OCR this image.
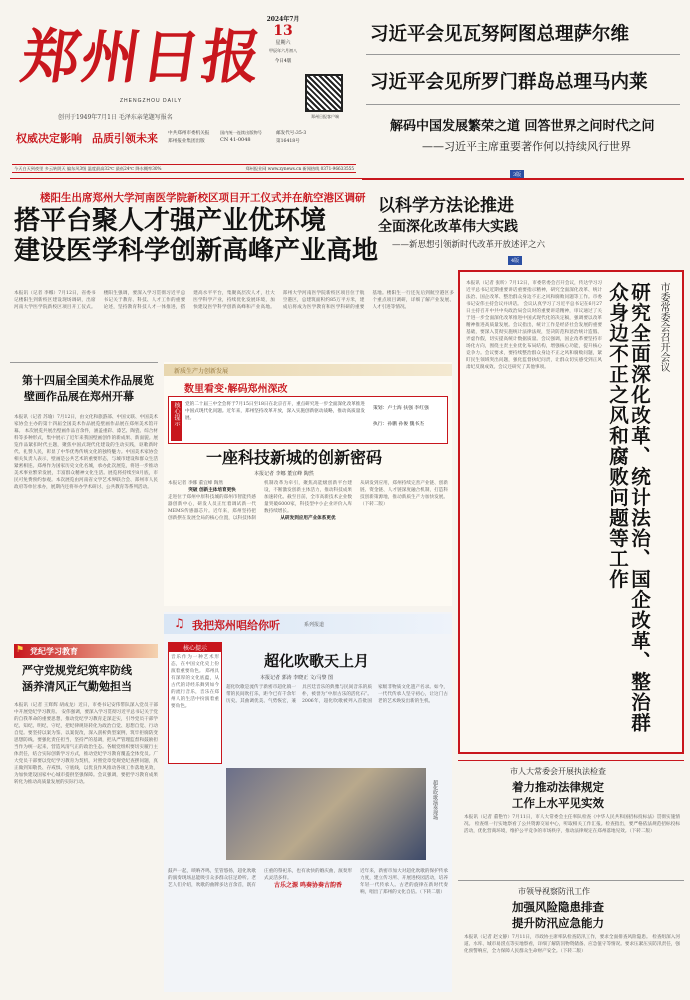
郑州日报
ZHENGZHOU DAILY
创刊于1949年7月1日 毛泽东亲笔题写报名
权威决定影响 品质引领未来 中共郑州市委机关报
郑州报业集团出版
国内统一连续出版物号
CN 41-0048
邮发代号:35-3
第16418号
2024年7月
13
星期六
甲辰年六月初八
今日4版
郑州日报客户端
今天白天到夜里 多云转阴天 偏东风3级 温度最高32℃ 最低24℃ 降水概率30%	郑州报业网 www.zynews.cn 新闻热线 0371-96633555
习近平会见瓦努阿图总理萨尔维
习近平会见所罗门群岛总理马内莱
解码中国发展繁荣之道 回答世界之问时代之问
——习近平主席重要著作何以持续风行世界
3版
楼阳生出席郑州大学河南医学院新校区项目开工仪式并在航空港区调研
搭平台聚人才强产业优环境
建设医学科学创新高峰产业高地
本报讯（记者 李娜）7月12日，省委书记楼阳生到新校区建设现场调研，出席河南大学医学院新校区项目开工仪式。 楼阳生强调，要深入学习贯彻习近平总书记关于教育、科技、人才工作的重要论述，坚持教育科技人才一体推进，搭建高水平平台，集聚高层次人才，壮大医学科学产业，持续优化发展环境，加快建设医学科学创新高峰和产业高地。郑州大学河南医学院新校区项目位于航空港区，总建筑面积约85万平方米，建成后将成为医学教育和医学科研的重要基地。楼阳生一行还先后到航空港区多个重点项目调研，详细了解产业发展、人才引进等情况。
以科学方法论推进
全面深化改革伟大实践
——新思想引领新时代改革开放述评之六
4版
本报讯（记者 张昕）7月12日，市委常委会召开会议，传达学习习近平总书记近期重要讲话重要指示精神，研究全面深化改革、统计法治、国企改革、整治群众身边不正之风和腐败问题等工作。市委书记安伟主持会议并讲话。 会议认真学习了习近平总书记在6月27日主持召开中共中央政治局会议时的重要讲话精神，审议通过了关于进一步全面深化改革推进中国式现代化的决定稿，强调要以改革精神推进高质量发展。会议指出，统计工作是经济社会发展的重要基础，要深入贯彻实施统计法律法规，坚决防范和惩治统计造假、弄虚作假，切实提高统计数据质量。会议强调，国企改革要坚持市场化方向，围绕主责主业优化布局结构，增强核心功能，提升核心竞争力。会议要求，要持续整治群众身边不正之风和腐败问题，紧盯民生领域突出问题，强化监督执纪问责，让群众切实感受到正风肃纪反腐成效。会议还研究了其他事项。	市委常委会召开会议
研究全面深化改革、统计法治、国企改革、整治群众身边不正之风和腐败问题等工作
第十四届全国美术作品展览
壁画作品展在郑州开幕
本报讯（记者 苏瑜）7月12日，由文化和旅游部、中国文联、中国美术家协会主办的第十四届全国美术作品展览壁画作品展在郑州美术馆开幕。 本次展览共展出壁画作品百余件，涵盖重彩、漆艺、陶瓷、综合材料等多种形式，集中展示了近年来我国壁画创作的新成果、新面貌。展览作品紧扣时代主题，聚焦中国式现代化建设的生动实践，讴歌新时代、礼赞人民，彰显了中华优秀传统文化的独特魅力。中国美术家协会相关负责人表示，壁画是公共艺术的重要形态，与城市建设和群众生活紧密相连。郑州作为国家历史文化名城，承办此次展览，将进一步推动美术事业繁荣发展，丰富群众精神文化生活。展览将持续至8月底，市民可免费预约参观。本次展览由河南省文学艺术界联合会、郑州市人民政府等单位承办，展期内还将举办学术研讨、公共教育等系列活动。
新质生产力创新发展
数里看变·解码郑州深改
核心提示	党的二十届三中全会将于7月15日至18日在北京召开，重点研究进一步全面深化改革推进中国式现代化问题。近年来，郑州坚持改革开放，深入实施创新驱动战略，推动高质量发展。
策划：卢士海 扶强 李红强
执行：孙鹏 孙俊 魏书杰
一座科技新城的创新密码
本报记者 李娜 董宜峰 陶然
本报记者 李娜 董宜峰 陶然
突破 创新主体培育更快
走进位于郑州中原科技城的郑州市智能传感器创新中心，研发人员正忙着调试新一代MEMS传感器芯片。近年来，郑州坚持把创新摆在发展全局的核心位置，以科技体制机制改革为牵引，聚焦高能级创新平台建设，不断激发创新主体活力，推动科技成果加速转化。截至目前，全市高新技术企业数量突破6000家，科技型中小企业评价入库数持续增长。
从研发到应用产业体系更优
从研发到应用，郑州持续完善产业链、创新链、资金链、人才链深度融合机制，打造科技创新策源地，推动新质生产力加快发展。（下转二版）
⚑ 党纪学习教育
严守党规党纪筑牢防线
涵养清风正气勤勉担当
本报讯（记者 王辉辉 胡成龙）近日，市委书记安伟带队深入党员干部中开展党纪学习教育。 安伟强调，要深入学习贯彻习近平总书记关于党的自我革命的重要思想，推动党纪学习教育走深走实，引导党员干部学纪、知纪、明纪、守纪，把纪律规矩转化为政治自觉、思想自觉、行动自觉。要坚持以案为鉴、以案促改，深入剖析典型案例，筑牢拒腐防变思想防线。要强化责任担当，坚持严的基调，把从严管理监督和鼓励担当作为统一起来，营造风清气正的政治生态。各级党组织要切实履行主体责任，结合实际创新学习方式，推动党纪学习教育覆盖全体党员。广大党员干部要以党纪学习教育为契机，对照党章党规党纪查摆问题，真正做到知敬畏、存戒惧、守底线，以优良作风推动各项工作落地见效，为加快建设国家中心城市提供坚强保障。会议强调，要把学习教育成果转化为推动高质量发展的实际行动。
♫ 我把郑州唱给你听	系列报道
核心提示
音乐作为一种艺术形态，在中国文化史上扮演着重要角色。 郑州具有深厚的文化底蕴，从古代的诗经乐舞到如今的流行音乐，音乐在郑州人的生活中扮演着重要角色。
超化吹歌天上月
本报记者 郭涛 李晓正 文/马黎 图
超化吹歌是流传于新密市超化镇一带的民间吹打乐，距今已有千余年历史。其曲调优美、气势恢宏，兼具宫廷音乐的典雅与民间音乐的质朴，被誉为“中原古乐的活化石”。2006年，超化吹歌被列入首批国家级非物质文化遗产名录。如今，一代代传承人坚守初心，让这门古老的艺术焕发出新的生机。
超化吹歌演奏现场
鼓声一起，唢呐齐鸣，笙管悠扬，超化吹歌的演奏现场总能吸引众多群众驻足聆听。老艺人们介绍，吹歌的曲牌多达百余首，既有庄重的祭祀乐，也有欢快的婚庆曲，演奏形式灵活多样。
古乐之源 鸣奏协奏古韵香
近年来，新密市加大对超化吹歌的保护传承力度，建立传习所、开展进校园活动，培养年轻一代传承人。古老的旋律在新时代奏响，唱出了郑州的文化自信。（下转二版）
市人大常委会开展执法检查
着力推动法律规定
工作上水平见实效
本报讯（记者 董艳竹）7月11日，市人大常委会主任率队检查《中华人民共和国招标投标法》贯彻实施情况。 检查组一行实地察看了公共资源交易中心，听取相关工作汇报。检查指出，要严格依法规范招标投标活动，优化营商环境，维护公平竞争的市场秩序，推动法律规定在郑州落地见效。（下转二版）
市领导视察防汛工作
加强风险隐患排查
提升防汛应急能力
本报讯（记者 赵文静）7月11日，市政协主席率队检查防汛工作，要求全面排查风险隐患。 检查组深入河道、水库、城市易涝点等实地察看，详细了解防汛物资储备、应急值守等情况。要求压紧压实防汛责任，强化预警响应，全力保障人民群众生命财产安全。（下转二版）
